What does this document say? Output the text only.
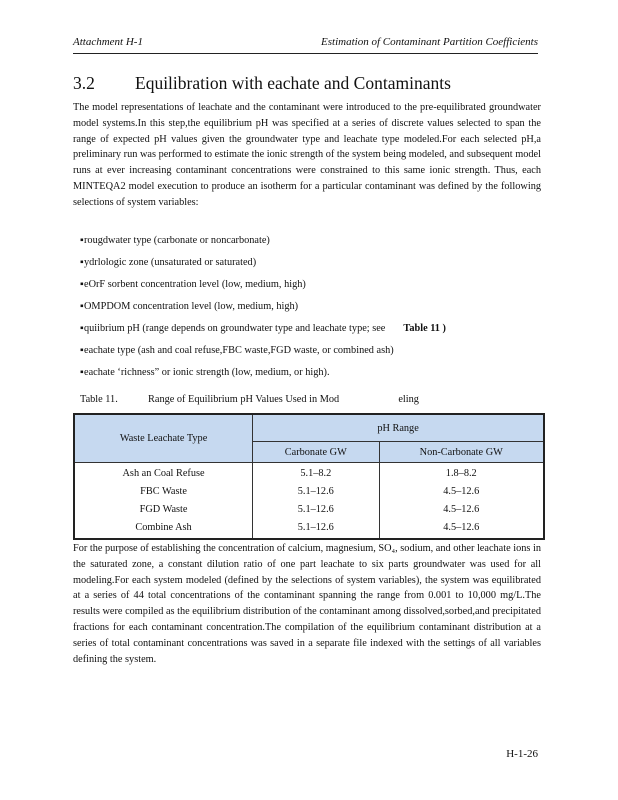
Attachment H-1	Estimation of Contaminant Partition Coefficients
3.2 Equilibration with eachate and Contaminants
The model representations of leachate and the contaminant were introduced to the pre-equilibrated groundwater model systems.In this step,the equilibrium pH was specified at a series of discrete values selected to span the range of expected pH values given the groundwater type and leachate type modeled.For each selected pH,a preliminary run was performed to estimate the ionic strength of the system being modeled, and subsequent model runs at ever increasing contaminant concentrations were constrained to this same ionic strength. Thus, each MINTEQA2 model execution to produce an isotherm for a particular contaminant was defined by the following selections of system variables:
▪rougdwater type (carbonate or noncarbonate)
▪ydrlologic zone (unsaturated or saturated)
▪eOrF sorbent concentration level (low, medium, high)
▪OMPDOM concentration level (low, medium, high)
▪quiibrium pH (range depends on groundwater type and leachate type; see Table 11 )
▪eachate type (ash and coal refuse,FBC waste,FGD waste, or combined ash)
▪eachate ‘richness” or ionic strength (low, medium, or high).
Table 11.	Range of Equilibrium pH Values Used in Mod                       eling
Waste Leachate Type	pH Range	
	Carbonate GW	Non-Carbonate GW
Ash an Coal Refuse	5.1–8.2	1.8–8.2
FBC Waste	5.1–12.6	4.5–12.6
FGD Waste	5.1–12.6	4.5–12.6
Combine Ash	5.1–12.6	4.5–12.6
For the purpose of establishing the concentration of calcium, magnesium, SO₄, sodium, and other leachate ions in the saturated zone, a constant dilution ratio of one part leachate to six parts groundwater was used for all modeling.For each system modeled (defined by the selections of system variables), the system was equilibrated at a series of 44 total concentrations of the contaminant spanning the range from 0.001 to 10,000 mg/L.The results were compiled as the equilibrium distribution of the contaminant among dissolved,sorbed,and precipitated fractions for each contaminant concentration.The compilation of the equilibrium contaminant distribution at a series of total contaminant concentrations was saved in a separate file indexed with the settings of all variables defining the system.
H-1-26
